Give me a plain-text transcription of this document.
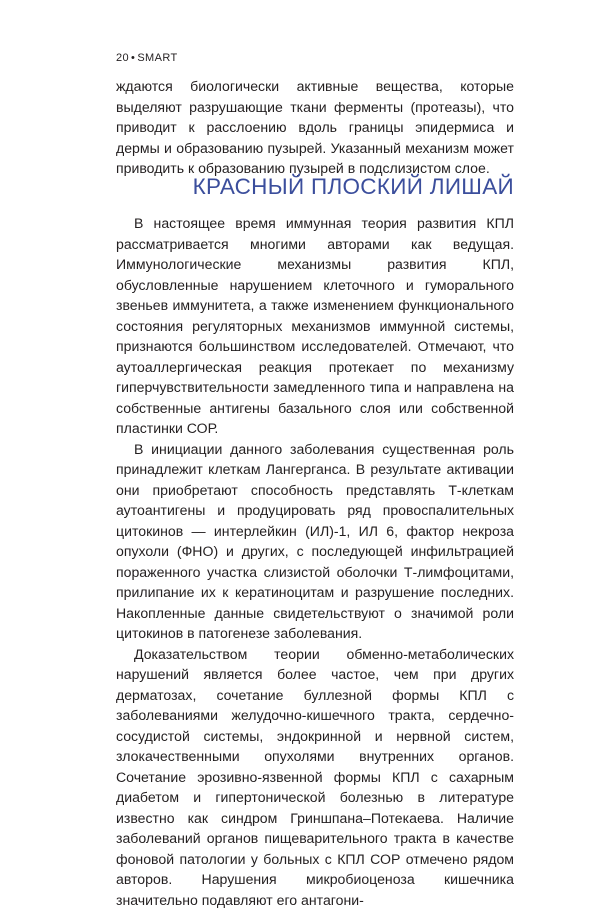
20 • SMART

ждаются биологически активные вещества, которые выделяют разрушающие ткани ферменты (протеазы), что приводит к расслоению вдоль границы эпидермиса и дермы и образованию пузырей. Указанный механизм может приводить к образованию пузырей в подслизистом слое.

КРАСНЫЙ ПЛОСКИЙ ЛИШАЙ

В настоящее время иммунная теория развития КПЛ рассматривается многими авторами как ведущая. Иммунологические механизмы развития КПЛ, обусловленные нарушением клеточного и гуморального звеньев иммунитета, а также изменением функционального состояния регуляторных механизмов иммунной системы, признаются большинством исследователей. Отмечают, что аутоаллергическая реакция протекает по механизму гиперчувствительности замедленного типа и направлена на собственные антигены базального слоя или собственной пластинки СОР.

В инициации данного заболевания существенная роль принадлежит клеткам Лангерганса. В результате активации они приобретают способность представлять Т-клеткам аутоантигены и продуцировать ряд провоспалительных цитокинов — интерлейкин (ИЛ)-1, ИЛ 6, фактор некроза опухоли (ФНО) и других, с последующей инфильтрацией пораженного участка слизистой оболочки Т-лимфоцитами, прилипание их к кератиноцитам и разрушение последних. Накопленные данные свидетельствуют о значимой роли цитокинов в патогенезе заболевания.

Доказательством теории обменно-метаболических нарушений является более частое, чем при других дерматозах, сочетание буллезной формы КПЛ с заболеваниями желудочно-кишечного тракта, сердечно-сосудистой системы, эндокринной и нервной систем, злокачественными опухолями внутренних органов. Сочетание эрозивно-язвенной формы КПЛ с сахарным диабетом и гипертонической болезнью в литературе известно как синдром Гриншпана–Потекаева. Наличие заболеваний органов пищеварительного тракта в качестве фоновой патологии у больных с КПЛ СОР отмечено рядом авторов. Нарушения микробиоценоза кишечника значительно подавляют его антагони-
